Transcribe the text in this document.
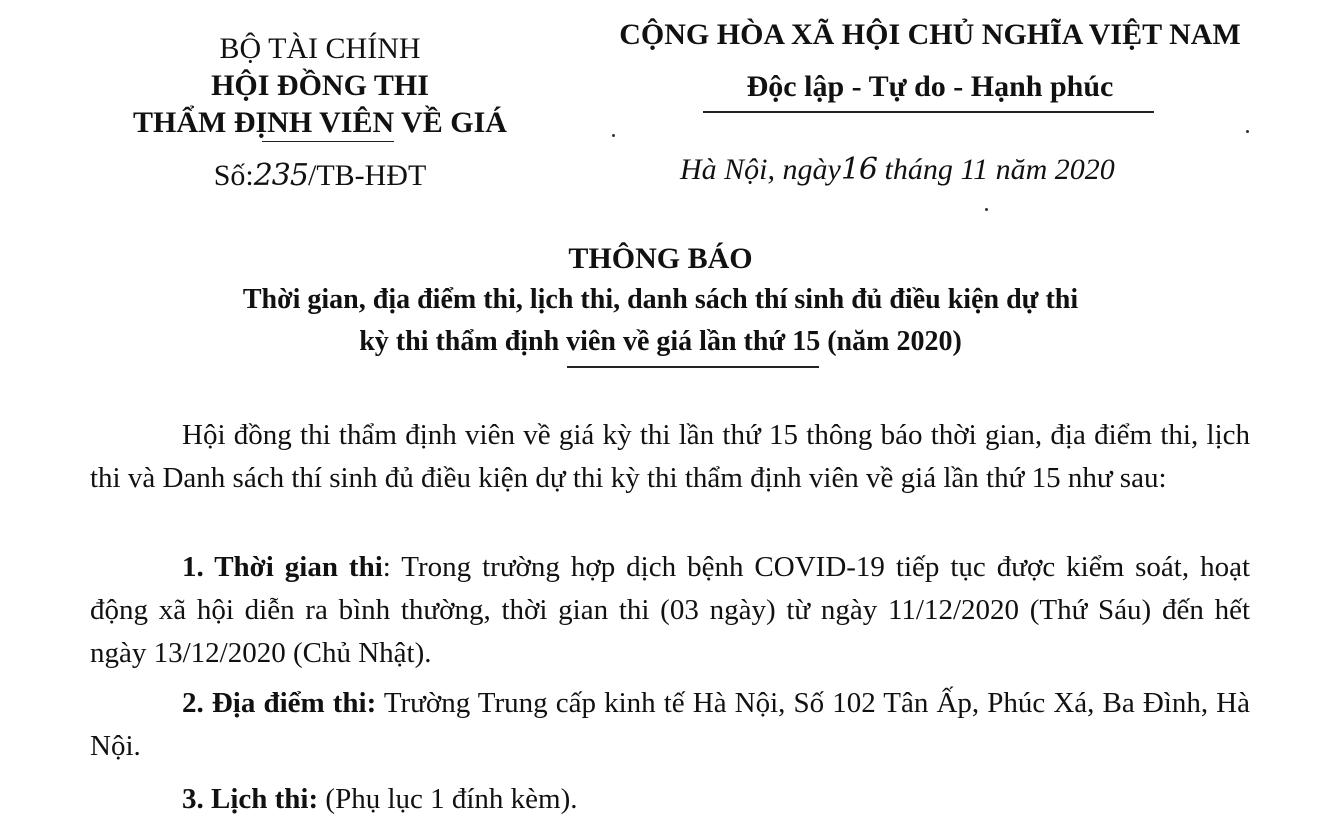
BỘ TÀI CHÍNH
HỘI ĐỒNG THI
THẨM ĐỊNH VIÊN VỀ GIÁ
Số:235/TB-HĐT
CỘNG HÒA XÃ HỘI CHỦ NGHĨA VIỆT NAM
Độc lập - Tự do - Hạnh phúc
Hà Nội, ngày16 tháng 11 năm 2020
THÔNG BÁO
Thời gian, địa điểm thi, lịch thi, danh sách thí sinh đủ điều kiện dự thi
kỳ thi thẩm định viên về giá lần thứ 15 (năm 2020)
Hội đồng thi thẩm định viên về giá kỳ thi lần thứ 15 thông báo thời gian, địa điểm thi, lịch thi và Danh sách thí sinh đủ điều kiện dự thi kỳ thi thẩm định viên về giá lần thứ 15 như sau:
1. Thời gian thi: Trong trường hợp dịch bệnh COVID-19 tiếp tục được kiểm soát, hoạt động xã hội diễn ra bình thường, thời gian thi (03 ngày) từ ngày 11/12/2020 (Thứ Sáu) đến hết ngày 13/12/2020 (Chủ Nhật).
2. Địa điểm thi: Trường Trung cấp kinh tế Hà Nội, Số 102 Tân Ấp, Phúc Xá, Ba Đình, Hà Nội.
3. Lịch thi: (Phụ lục 1 đính kèm).
